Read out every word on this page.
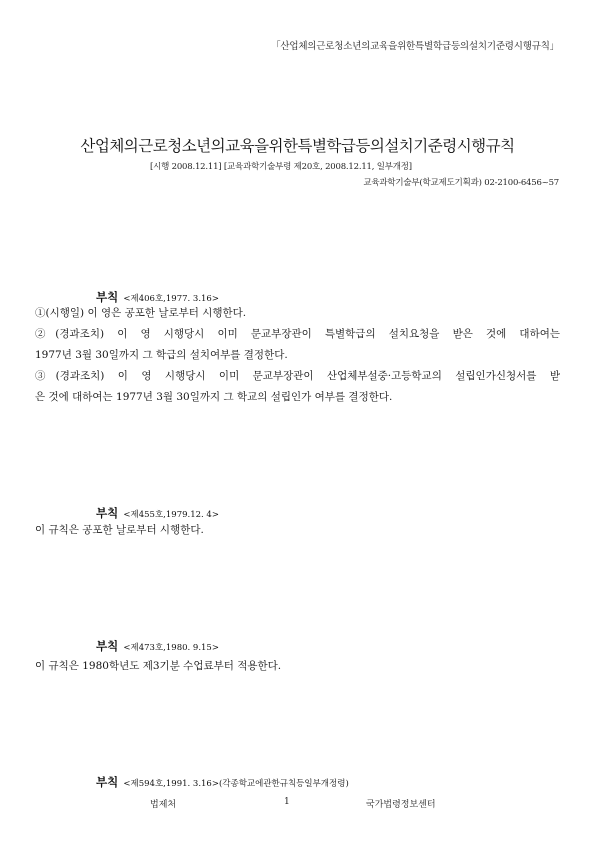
「산업체의근로청소년의교육을위한특별학급등의설치기준령시행규칙」
산업체의근로청소년의교육을위한특별학급등의설치기준령시행규칙
[시행 2008.12.11] [교육과학기술부령 제20호, 2008.12.11, 일부개정]
교육과학기술부(학교제도기획과) 02-2100-6456~57
부칙 <제406호,1977. 3.16>
①(시행일) 이 영은 공포한 날로부터 시행한다.
②(경과조치) 이 영 시행당시 이미 문교부장관이 특별학급의 설치요청을 받은 것에 대하여는
1977년 3월 30일까지 그 학급의 설치여부를 결정한다.
③(경과조치) 이 영 시행당시 이미 문교부장관이 산업체부설중·고등학교의 설립인가신청서를 받
은 것에 대하여는 1977년 3월 30일까지 그 학교의 설립인가 여부를 결정한다.
부칙 <제455호,1979.12. 4>
이 규칙은 공포한 날로부터 시행한다.
부칙 <제473호,1980. 9.15>
이 규칙은 1980학년도 제3기분 수업료부터 적용한다.
부칙 <제594호,1991. 3.16>(각종학교에관한규칙등일부개정령)
법제처	1	국가법령정보센터
